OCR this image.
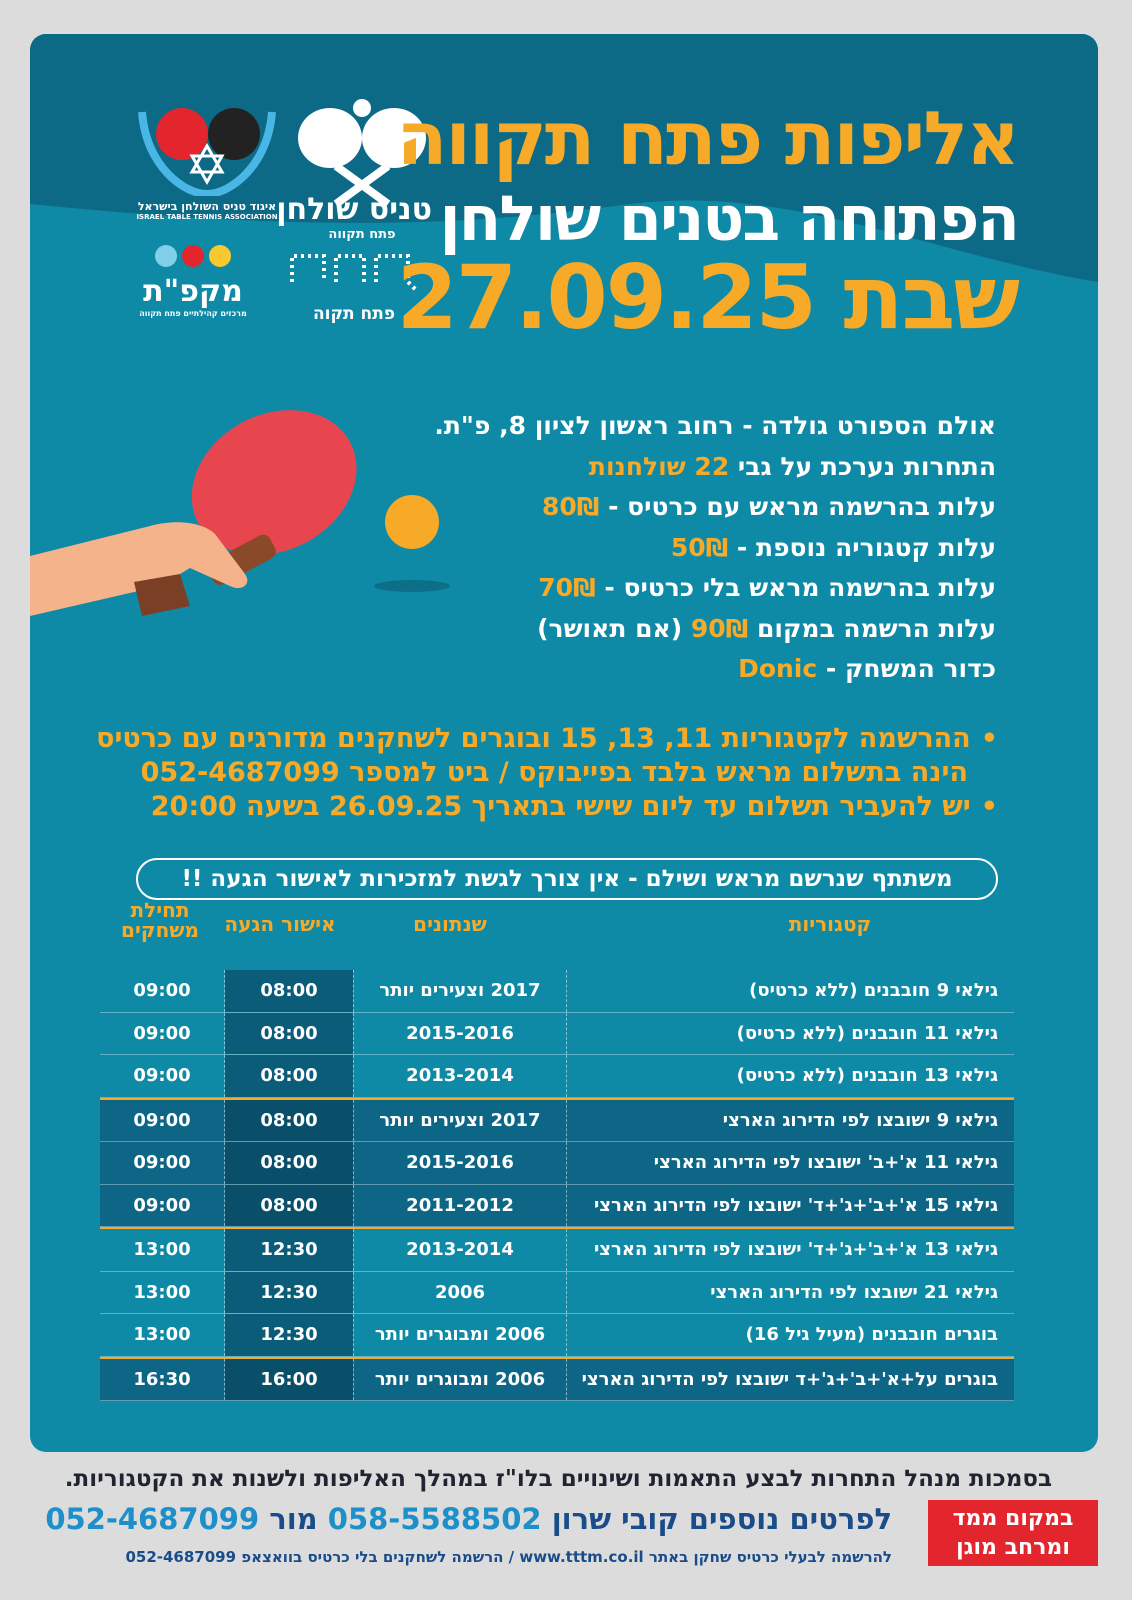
טניס שולחן
פתח תקווה
איגוד טניס השולחן בישראל
ISRAEL TABLE TENNIS ASSOCIATION
פתח תקוה
מקפ"ת
מרכזים קהילתיים פתח תקווה
אליפות פתח תקווה
הפתוחה בטנים שולחן
שבת 27.09.25
אולם הספורט גולדה - רחוב ראשון לציון 8, פ"ת.
התחרות נערכת על גבי 22 שולחנות
עלות בהרשמה מראש עם כרטיס - 80₪
עלות קטגוריה נוספת - 50₪
עלות בהרשמה מראש בלי כרטיס - 70₪
עלות הרשמה במקום 90₪ (אם תאושר)
כדור המשחק - Donic
•ההרשמה לקטגוריות 11, 13, 15 ובוגרים לשחקנים מדורגים עם כרטיס
הינה בתשלום מראש בלבד בפייבוקס / ביט למספר 052-4687099
•יש להעביר תשלום עד ליום שישי בתאריך 26.09.25 בשעה 20:00
משתתף שנרשם מראש ושילם - אין צורך לגשת למזכירות לאישור הגעה !!
קטגוריות
שנתונים
אישור הגעה
תחילת
משחקים
גילאי 9 חובבנים (ללא כרטיס)
2017 וצעירים יותר
08:00
09:00
גילאי 11 חובבנים (ללא כרטיס)
2015-2016
08:00
09:00
גילאי 13 חובבנים (ללא כרטיס)
2013-2014
08:00
09:00
גילאי 9 ישובצו לפי הדירוג הארצי
2017 וצעירים יותר
08:00
09:00
גילאי 11 א'+ב' ישובצו לפי הדירוג הארצי
2015-2016
08:00
09:00
גילאי 15 א'+ב'+ג'+ד' ישובצו לפי הדירוג הארצי
2011-2012
08:00
09:00
גילאי 13 א'+ב'+ג'+ד' ישובצו לפי הדירוג הארצי
2013-2014
12:30
13:00
גילאי 21 ישובצו לפי הדירוג הארצי
2006
12:30
13:00
בוגרים חובבנים (מעיל גיל 16)
2006 ומבוגרים יותר
12:30
13:00
בוגרים על+א'+ב'+ג'+ד ישובצו לפי הדירוג הארצי
2006 ומבוגרים יותר
16:00
16:30
בסמכות מנהל התחרות לבצע התאמות ושינויים בלו"ז במהלך האליפות ולשנות את הקטגוריות.
לפרטים נוספים קובי שרון 058-5588502 מור 052-4687099
להרשמה לבעלי כרטיס שחקן באתר www.tttm.co.il / הרשמה לשחקנים בלי כרטיס בוואצאפ 052-4687099
במקום ממד
ומרחב מוגן
